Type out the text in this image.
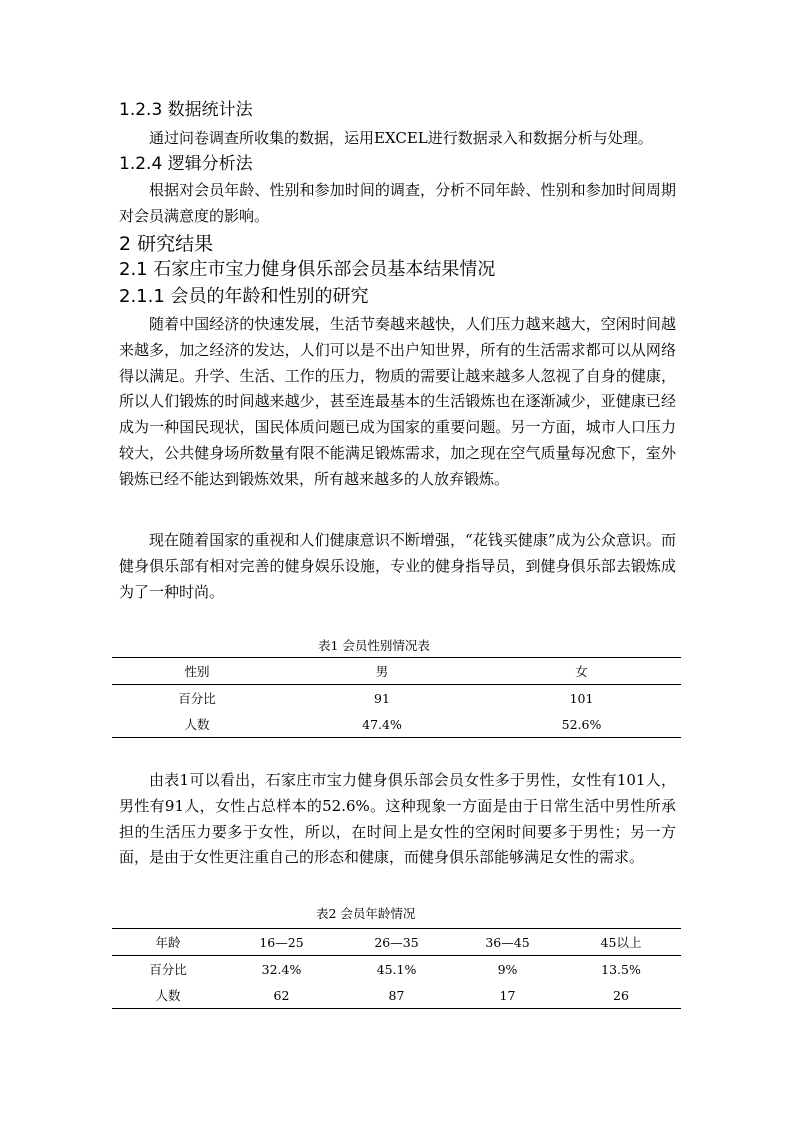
1.2.3 数据统计法

通过问卷调查所收集的数据，运用EXCEL进行数据录入和数据分析与处理。

1.2.4 逻辑分析法

根据对会员年龄、性别和参加时间的调查，分析不同年龄、性别和参加时间周期对会员满意度的影响。

2 研究结果
2.1 石家庄市宝力健身俱乐部会员基本结果情况
2.1.1 会员的年龄和性别的研究

随着中国经济的快速发展，生活节奏越来越快，人们压力越来越大，空闲时间越来越多，加之经济的发达，人们可以是不出户知世界，所有的生活需求都可以从网络得以满足。升学、生活、工作的压力，物质的需要让越来越多人忽视了自身的健康，所以人们锻炼的时间越来越少，甚至连最基本的生活锻炼也在逐渐减少，亚健康已经成为一种国民现状，国民体质问题已成为国家的重要问题。另一方面，城市人口压力较大，公共健身场所数量有限不能满足锻炼需求，加之现在空气质量每况愈下，室外锻炼已经不能达到锻炼效果，所有越来越多的人放弃锻炼。

现在随着国家的重视和人们健康意识不断增强，“花钱买健康”成为公众意识。而健身俱乐部有相对完善的健身娱乐设施，专业的健身指导员，到健身俱乐部去锻炼成为了一种时尚。

表1 会员性别情况表
性别	男	女
百分比	91	101
人数	47.4%	52.6%

由表1可以看出，石家庄市宝力健身俱乐部会员女性多于男性，女性有101人，男性有91人，女性占总样本的52.6%。这种现象一方面是由于日常生活中男性所承担的生活压力要多于女性，所以，在时间上是女性的空闲时间要多于男性；另一方面，是由于女性更注重自己的形态和健康，而健身俱乐部能够满足女性的需求。

表2 会员年龄情况
年龄	16—25	26—35	36—45	45以上
百分比	32.4%	45.1%	9%	13.5%
人数	62	87	17	26
